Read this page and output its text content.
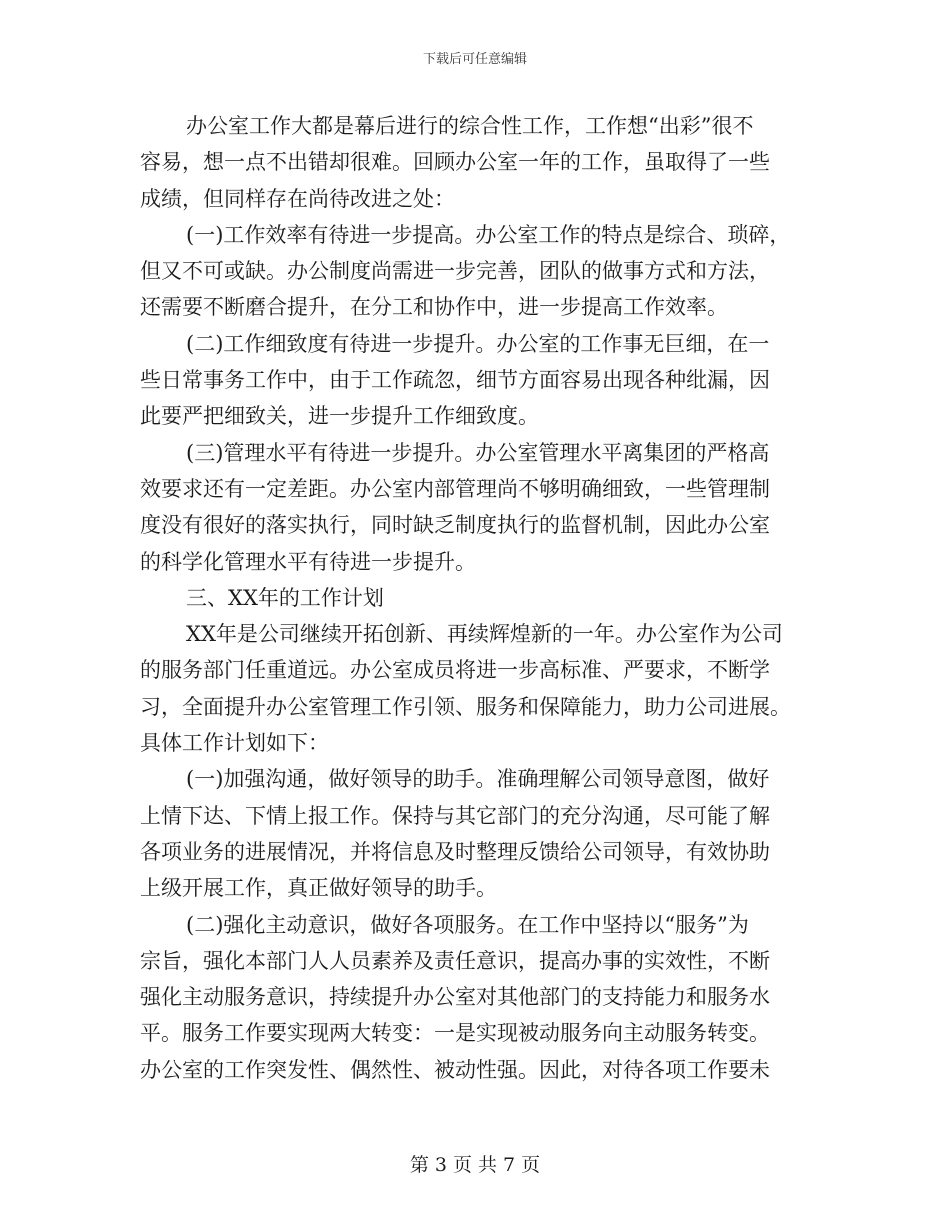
下载后可任意编辑
办公室工作大都是幕后进行的综合性工作，工作想“出彩”很不
容易，想一点不出错却很难。回顾办公室一年的工作，虽取得了一些
成绩，但同样存在尚待改进之处：
(一)工作效率有待进一步提高。办公室工作的特点是综合、琐碎，
但又不可或缺。办公制度尚需进一步完善，团队的做事方式和方法，
还需要不断磨合提升，在分工和协作中，进一步提高工作效率。
(二)工作细致度有待进一步提升。办公室的工作事无巨细，在一
些日常事务工作中，由于工作疏忽，细节方面容易出现各种纰漏，因
此要严把细致关，进一步提升工作细致度。
(三)管理水平有待进一步提升。办公室管理水平离集团的严格高
效要求还有一定差距。办公室内部管理尚不够明确细致，一些管理制
度没有很好的落实执行，同时缺乏制度执行的监督机制，因此办公室
的科学化管理水平有待进一步提升。
三、XX年的工作计划
XX年是公司继续开拓创新、再续辉煌新的一年。办公室作为公司
的服务部门任重道远。办公室成员将进一步高标准、严要求，不断学
习，全面提升办公室管理工作引领、服务和保障能力，助力公司进展。
具体工作计划如下：
(一)加强沟通，做好领导的助手。准确理解公司领导意图，做好
上情下达、下情上报工作。保持与其它部门的充分沟通，尽可能了解
各项业务的进展情况，并将信息及时整理反馈给公司领导，有效协助
上级开展工作，真正做好领导的助手。
(二)强化主动意识，做好各项服务。在工作中坚持以“服务”为
宗旨，强化本部门人人员素养及责任意识，提高办事的实效性，不断
强化主动服务意识，持续提升办公室对其他部门的支持能力和服务水
平。服务工作要实现两大转变：一是实现被动服务向主动服务转变。
办公室的工作突发性、偶然性、被动性强。因此，对待各项工作要未
第 3 页 共 7 页
